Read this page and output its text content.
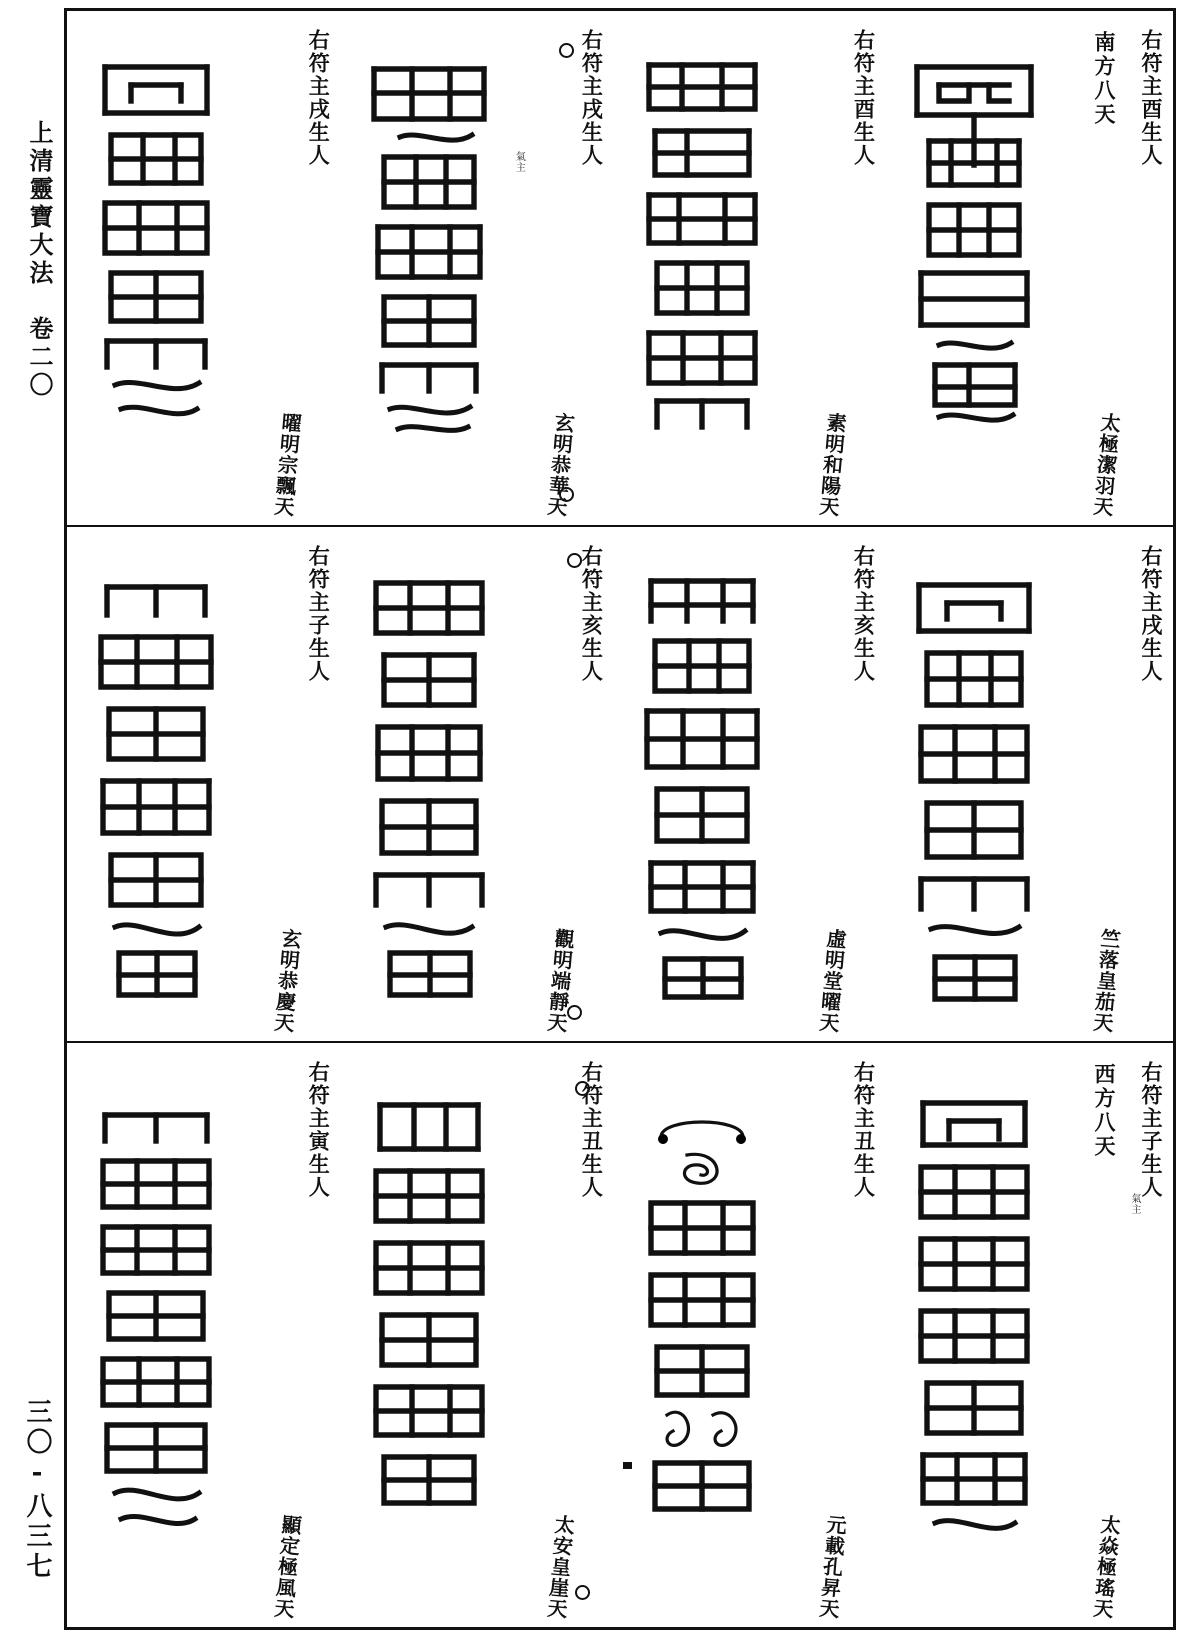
上清靈寶大法　卷二〇
三〇-八三七
右符主酉生人
南方八天
太極潔羽天
右符主酉生人
素明和陽天
右符主戌生人
氣主
玄明恭華天
右符主戌生人
曜明宗飄天
右符主戌生人
竺落皇茄天
右符主亥生人
虛明堂曜天
右符主亥生人
觀明端靜天
右符主子生人
玄明恭慶天
右符主子生人
西方八天
氣主
太焱極瑤天
右符主丑生人
元載孔昇天
右符主丑生人
太安皇崖天
右符主寅生人
顯定極風天
